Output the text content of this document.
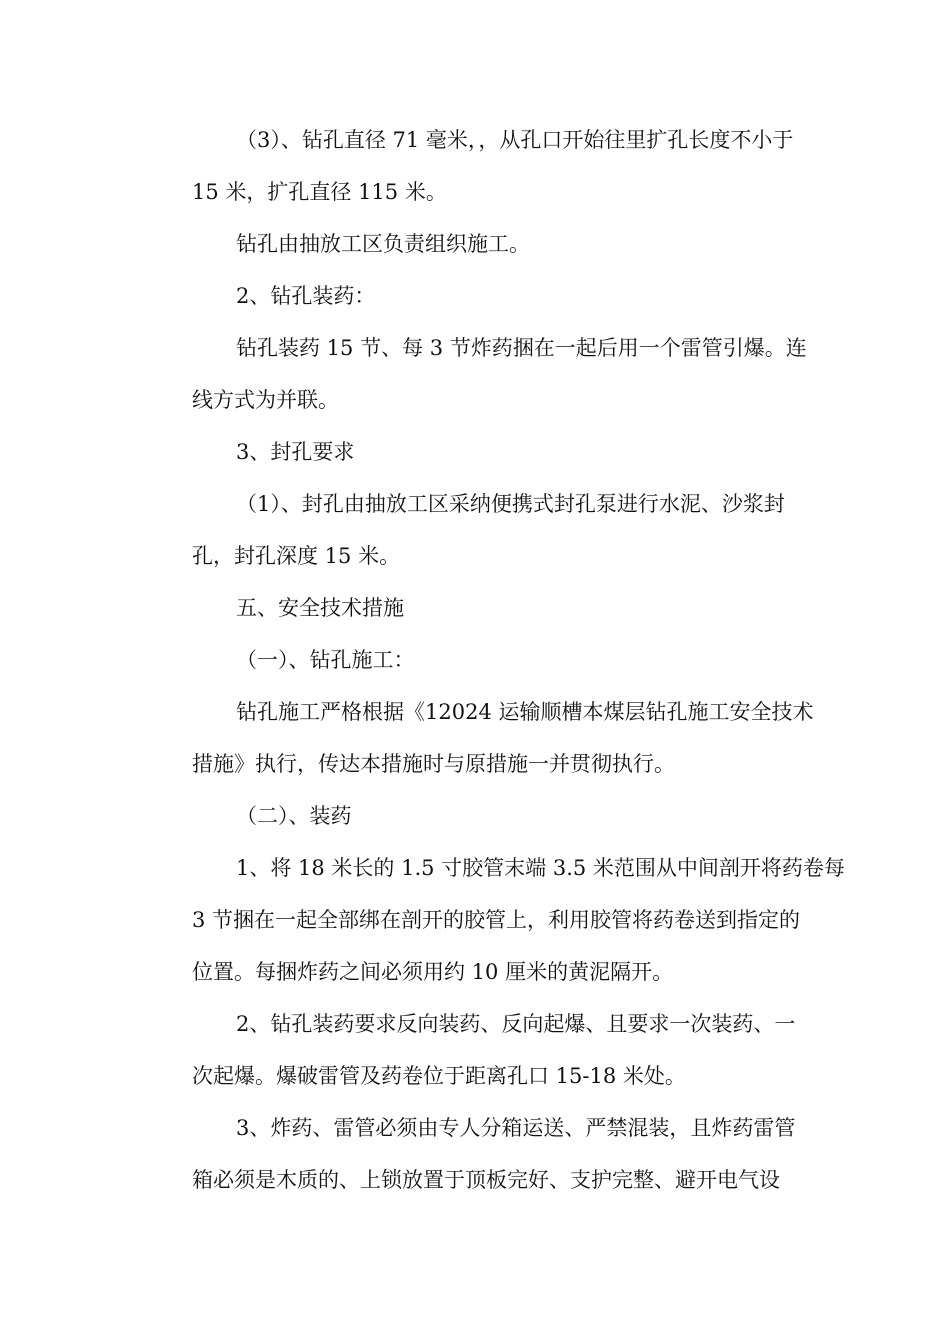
（3）、钻孔直径 71 毫米，，从孔口开始往里扩孔长度不小于
15 米，扩孔直径 115 米。

钻孔由抽放工区负责组织施工。

2、钻孔装药：

钻孔装药 15 节、每 3 节炸药捆在一起后用一个雷管引爆。连
线方式为并联。

3、封孔要求

（1）、封孔由抽放工区采纳便携式封孔泵进行水泥、沙浆封
孔，封孔深度 15 米。

五、安全技术措施

（一）、钻孔施工：

钻孔施工严格根据《12024 运输顺槽本煤层钻孔施工安全技术
措施》执行，传达本措施时与原措施一并贯彻执行。

（二）、装药

1、将 18 米长的 1.5 寸胶管末端 3.5 米范围从中间剖开将药卷每
3 节捆在一起全部绑在剖开的胶管上，利用胶管将药卷送到指定的
位置。每捆炸药之间必须用约 10 厘米的黄泥隔开。

2、钻孔装药要求反向装药、反向起爆、且要求一次装药、一
次起爆。爆破雷管及药卷位于距离孔口 15-18 米处。

3、炸药、雷管必须由专人分箱运送、严禁混装，且炸药雷管
箱必须是木质的、上锁放置于顶板完好、支护完整、避开电气设
